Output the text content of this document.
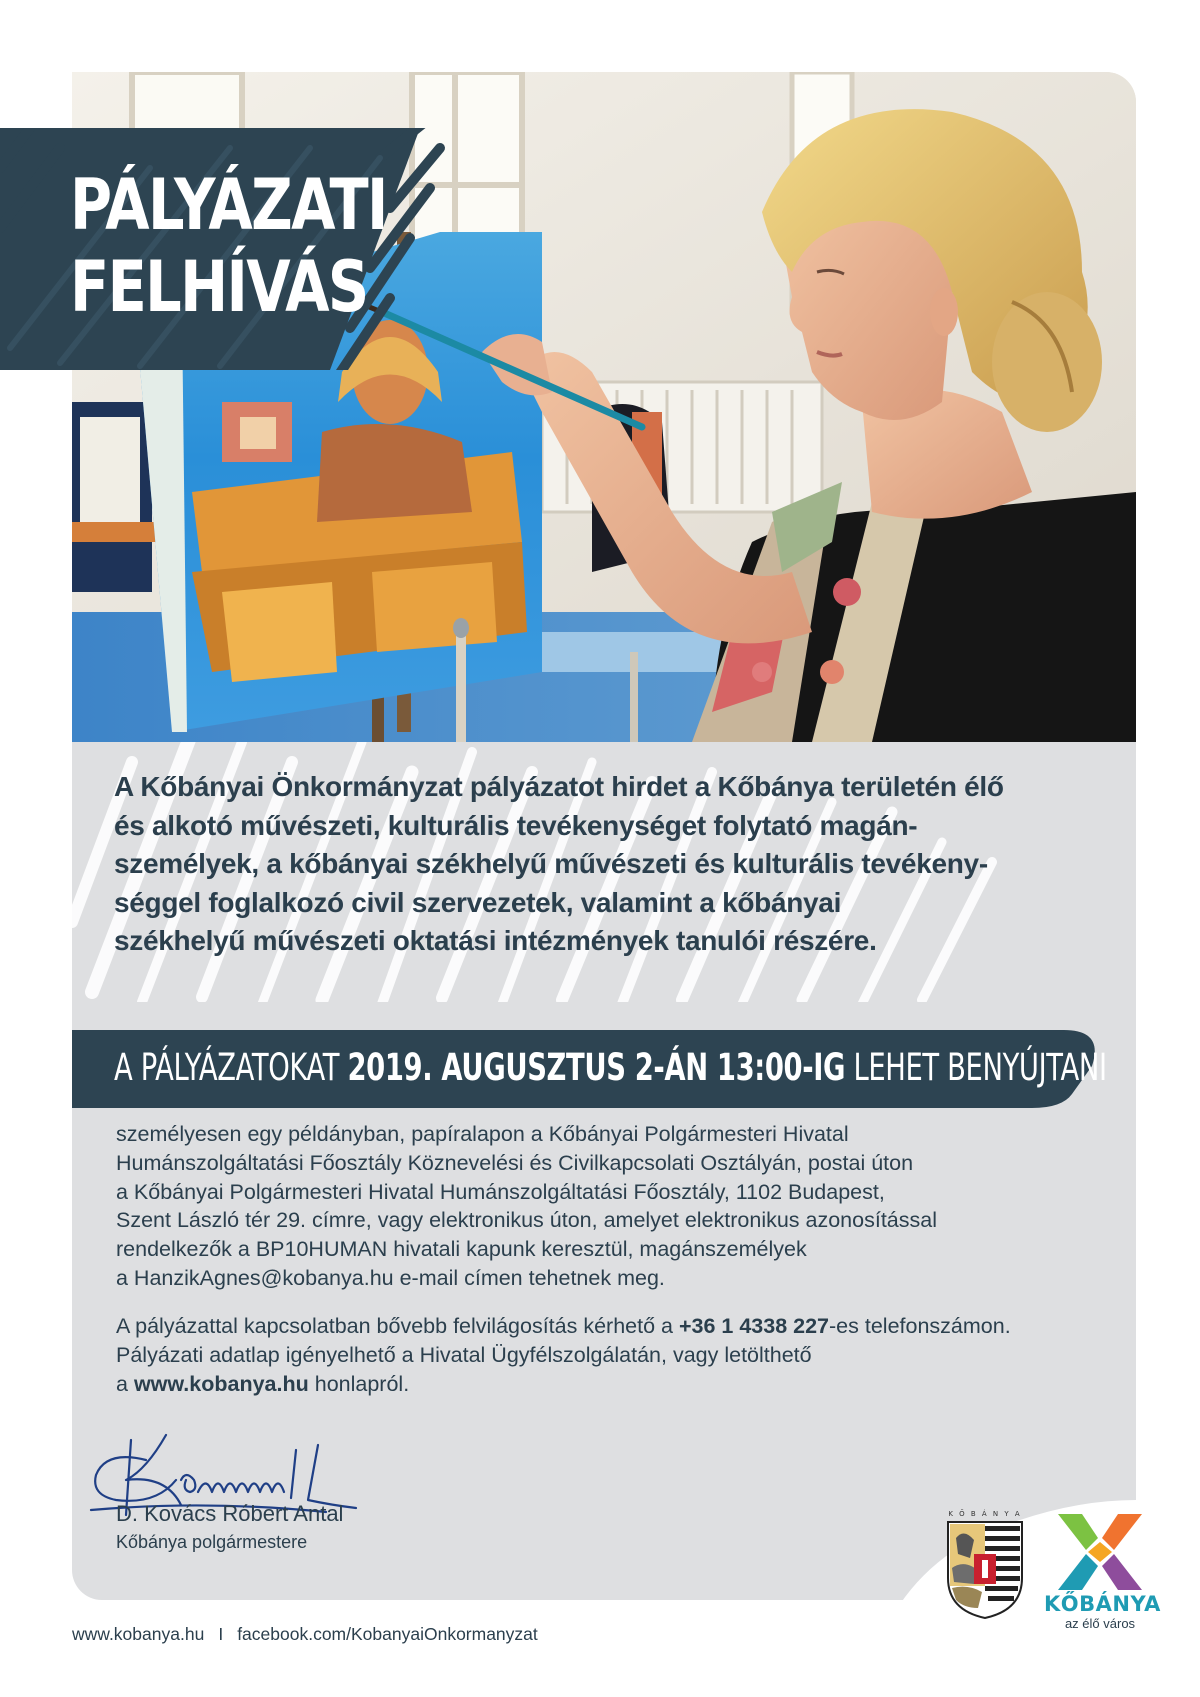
PÁLYÁZATI
FELHÍVÁS
A Kőbányai Önkormányzat pályázatot hirdet a Kőbánya területén élő
és alkotó művészeti, kulturális tevékenységet folytató magán-
személyek, a kőbányai székhelyű művészeti és kulturális tevékeny-
séggel foglalkozó civil szervezetek, valamint a kőbányai
székhelyű művészeti oktatási intézmények tanulói részére.
A PÁLYÁZATOKAT 2019. AUGUSZTUS 2-ÁN 13:00-IG LEHET BENYÚJTANI
személyesen egy példányban, papíralapon a Kőbányai Polgármesteri Hivatal
Humánszolgáltatási Főosztály Köznevelési és Civilkapcsolati Osztályán, postai úton
a Kőbányai Polgármesteri Hivatal Humánszolgáltatási Főosztály, 1102 Budapest,
Szent László tér 29. címre, vagy elektronikus úton, amelyet elektronikus azonosítással
rendelkezők a BP10HUMAN hivatali kapunk keresztül, magánszemélyek
a HanzikAgnes@kobanya.hu e-mail címen tehetnek meg.
A pályázattal kapcsolatban bővebb felvilágosítás kérhető a +36 1 4338 227-es telefonszámon.
Pályázati adatlap igényelhető a Hivatal Ügyfélszolgálatán, vagy letölthető
a www.kobanya.hu honlapról.
D. Kovács Róbert Antal
Kőbánya polgármestere
K Ő B Á N Y A
KŐBÁNYA
az élő város
www.kobanya.hu I facebook.com/KobanyaiOnkormanyzat
